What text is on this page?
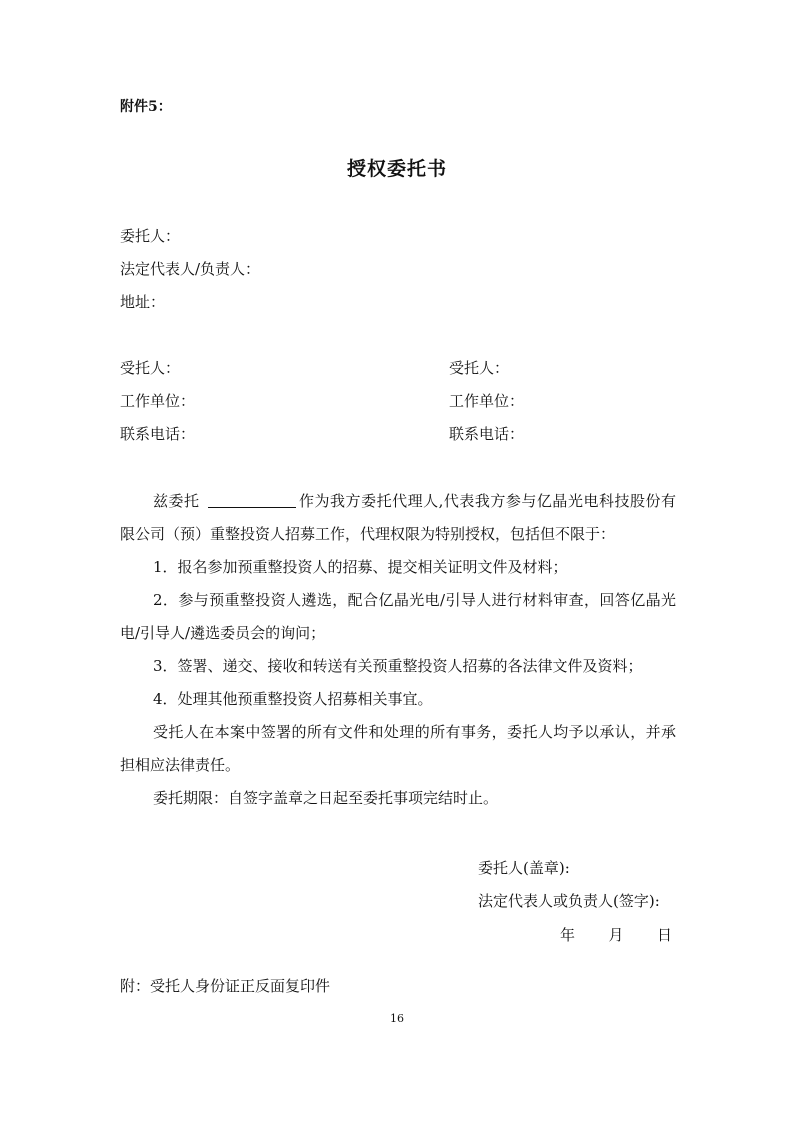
附件5：
授权委托书
委托人：
法定代表人/负责人：
地址：
受托人：
工作单位：
联系电话：
受托人：
工作单位：
联系电话：
兹委托	作为我方委托代理人,代表我方参与亿晶光电科技股份有限公司（预）重整投资人招募工作，代理权限为特别授权，包括但不限于：
1．报名参加预重整投资人的招募、提交相关证明文件及材料；
2．参与预重整投资人遴选，配合亿晶光电/引导人进行材料审查，回答亿晶光电/引导人/遴选委员会的询问；
3．签署、递交、接收和转送有关预重整投资人招募的各法律文件及资料；
4．处理其他预重整投资人招募相关事宜。
受托人在本案中签署的所有文件和处理的所有事务，委托人均予以承认，并承担相应法律责任。
委托期限：自签字盖章之日起至委托事项完结时止。
委托人(盖章):
法定代表人或负责人(签字):
年 月 日
附：受托人身份证正反面复印件
16
